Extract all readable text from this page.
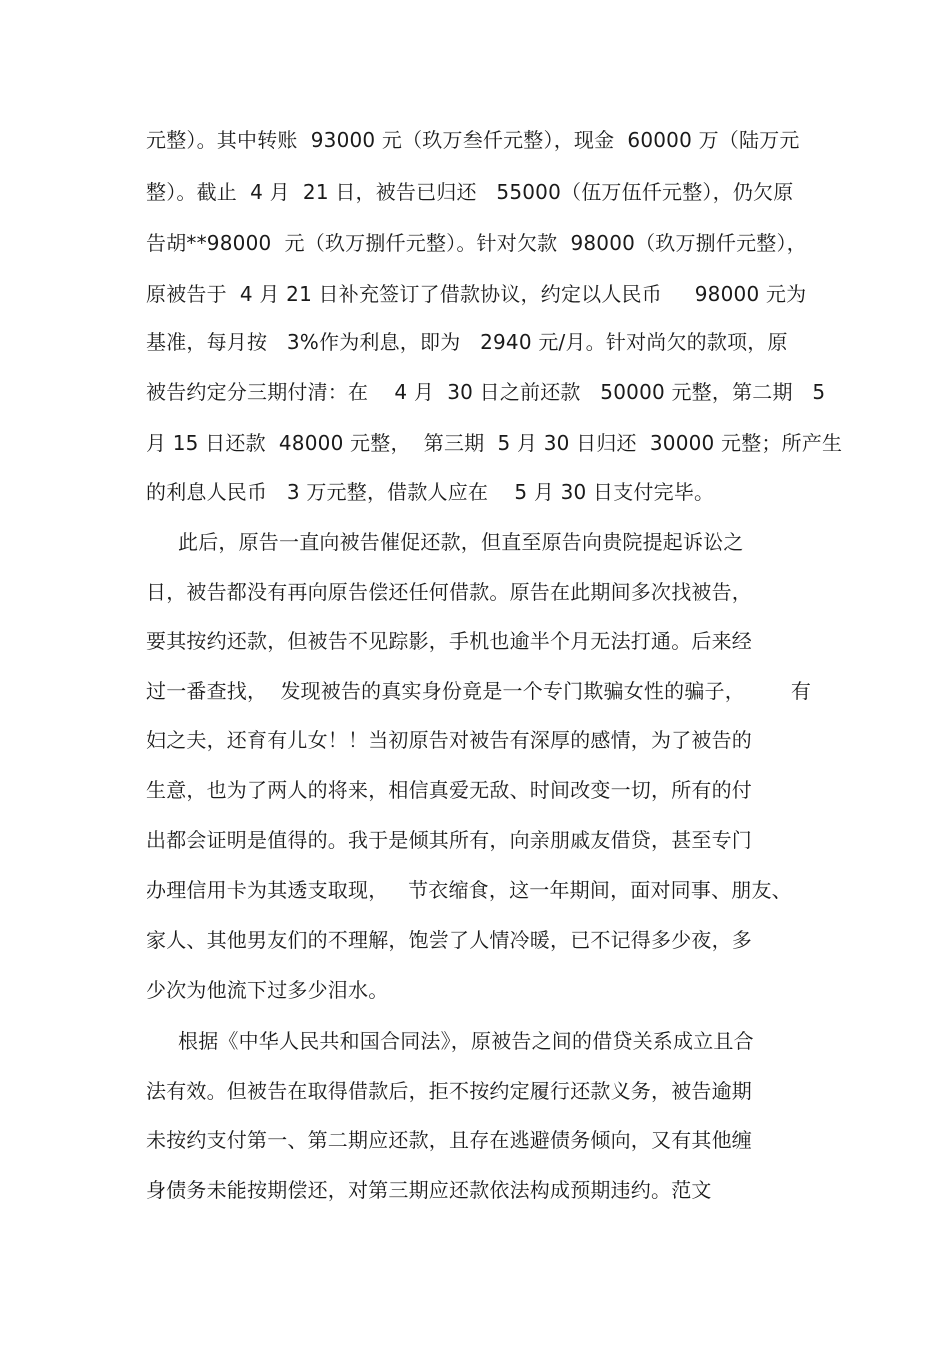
元整）。其中转账  93000 元（玖万叁仟元整），现金  60000 万（陆万元
整）。截止  4 月  21 日，被告已归还   55000（伍万伍仟元整），仍欠原
告胡**98000  元（玖万捌仟元整）。针对欠款  98000（玖万捌仟元整），
原被告于  4 月 21 日补充签订了借款协议，约定以人民币     98000 元为
基准，每月按   3%作为利息，即为   2940 元/月。针对尚欠的款项，原
被告约定分三期付清：在    4 月  30 日之前还款   50000 元整，第二期   5
月 15 日还款  48000 元整，  第三期  5 月 30 日归还  30000 元整；所产生
的利息人民币   3 万元整，借款人应在    5 月 30 日支付完毕。
此后，原告一直向被告催促还款，但直至原告向贵院提起诉讼之
日，被告都没有再向原告偿还任何借款。原告在此期间多次找被告，
要其按约还款，但被告不见踪影，手机也逾半个月无法打通。后来经
过一番查找，  发现被告的真实身份竟是一个专门欺骗女性的骗子，       有
妇之夫，还育有儿女！！当初原告对被告有深厚的感情，为了被告的
生意，也为了两人的将来，相信真爱无敌、时间改变一切，所有的付
出都会证明是值得的。我于是倾其所有，向亲朋戚友借贷，甚至专门
办理信用卡为其透支取现，   节衣缩食，这一年期间，面对同事、朋友、
家人、其他男友们的不理解，饱尝了人情冷暖，已不记得多少夜，多
少次为他流下过多少泪水。
根据《中华人民共和国合同法》，原被告之间的借贷关系成立且合
法有效。但被告在取得借款后，拒不按约定履行还款义务，被告逾期
未按约支付第一、第二期应还款，且存在逃避债务倾向，又有其他缠
身债务未能按期偿还，对第三期应还款依法构成预期违约。范文
